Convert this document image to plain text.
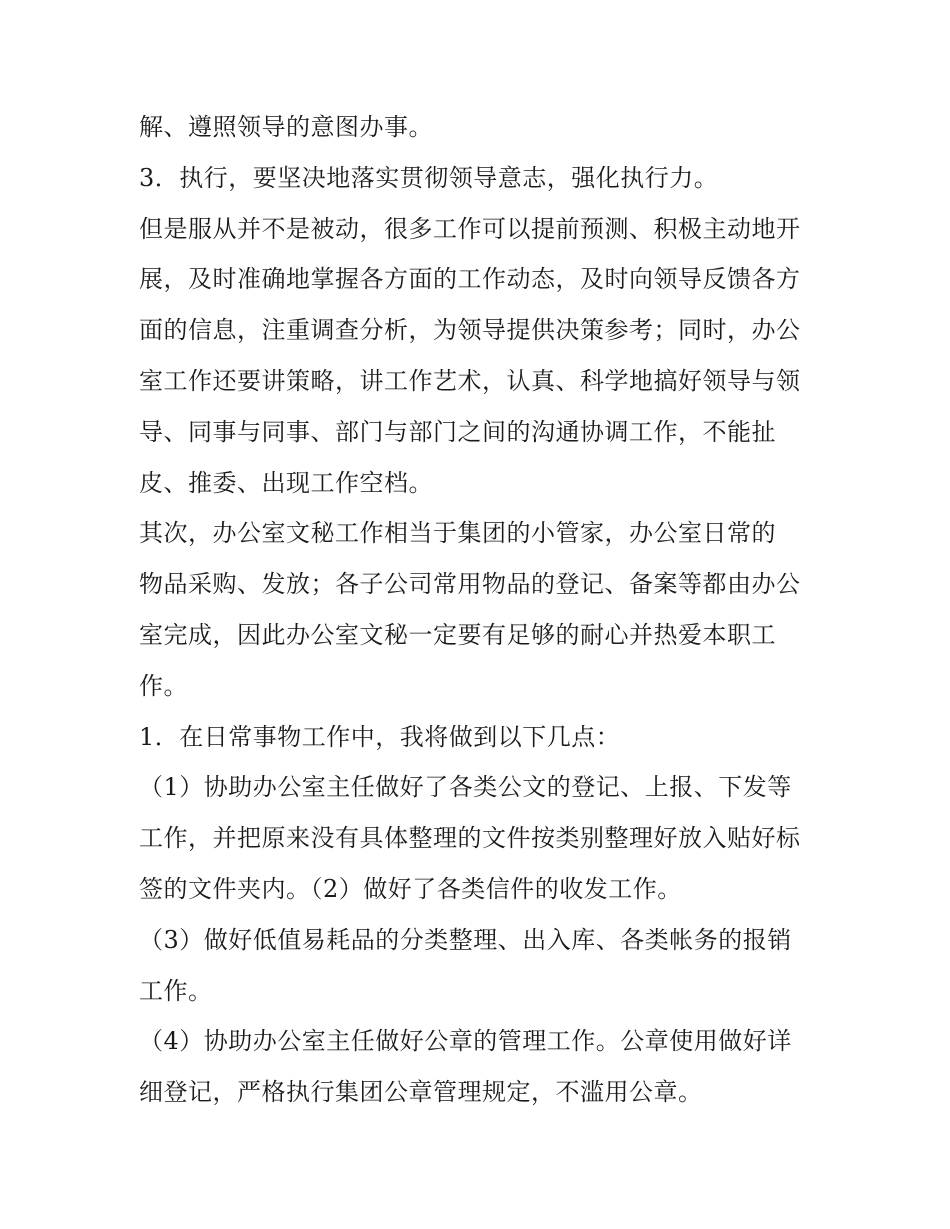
解、遵照领导的意图办事。
3．执行，要坚决地落实贯彻领导意志，强化执行力。
但是服从并不是被动，很多工作可以提前预测、积极主动地开
展，及时准确地掌握各方面的工作动态，及时向领导反馈各方
面的信息，注重调查分析，为领导提供决策参考；同时，办公
室工作还要讲策略，讲工作艺术，认真、科学地搞好领导与领
导、同事与同事、部门与部门之间的沟通协调工作，不能扯
皮、推委、出现工作空档。
其次，办公室文秘工作相当于集团的小管家，办公室日常的
物品采购、发放；各子公司常用物品的登记、备案等都由办公
室完成，因此办公室文秘一定要有足够的耐心并热爱本职工
作。
1．在日常事物工作中，我将做到以下几点：
（1）协助办公室主任做好了各类公文的登记、上报、下发等
工作，并把原来没有具体整理的文件按类别整理好放入贴好标
签的文件夹内。（2）做好了各类信件的收发工作。
（3）做好低值易耗品的分类整理、出入库、各类帐务的报销
工作。
（4）协助办公室主任做好公章的管理工作。公章使用做好详
细登记，严格执行集团公章管理规定，不滥用公章。
